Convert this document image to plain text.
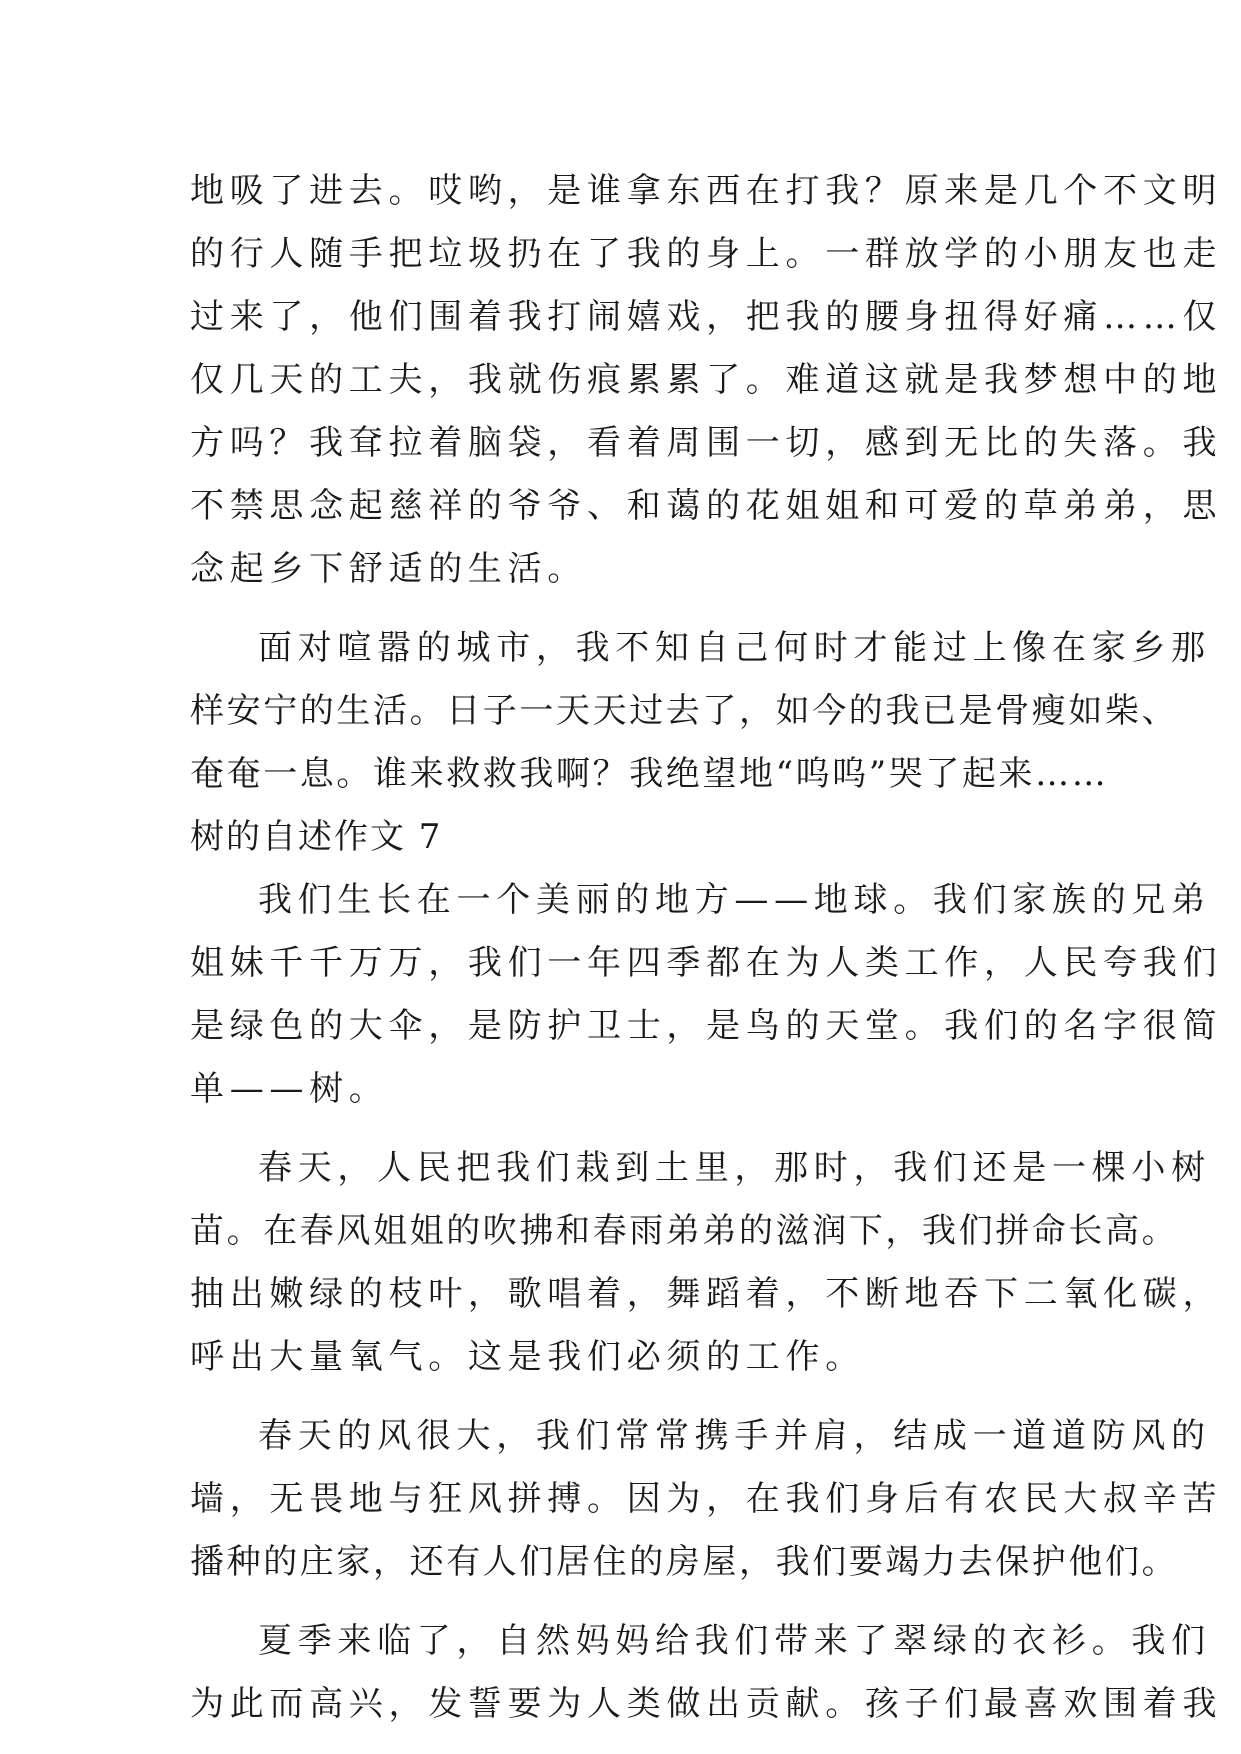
地吸了进去。哎哟，是谁拿东西在打我？原来是几个不文明
的行人随手把垃圾扔在了我的身上。一群放学的小朋友也走
过来了，他们围着我打闹嬉戏，把我的腰身扭得好痛……仅
仅几天的工夫，我就伤痕累累了。难道这就是我梦想中的地
方吗？我耷拉着脑袋，看着周围一切，感到无比的失落。我
不禁思念起慈祥的爷爷、和蔼的花姐姐和可爱的草弟弟，思
念起乡下舒适的生活。
面对喧嚣的城市，我不知自己何时才能过上像在家乡那
样安宁的生活。日子一天天过去了，如今的我已是骨瘦如柴、
奄奄一息。谁来救救我啊？我绝望地“呜呜”哭了起来……
树的自述作文 7
我们生长在一个美丽的地方——地球。我们家族的兄弟
姐妹千千万万，我们一年四季都在为人类工作，人民夸我们
是绿色的大伞，是防护卫士，是鸟的天堂。我们的名字很简
单——树。
春天，人民把我们栽到土里，那时，我们还是一棵小树
苗。在春风姐姐的吹拂和春雨弟弟的滋润下，我们拼命长高。
抽出嫩绿的枝叶，歌唱着，舞蹈着，不断地吞下二氧化碳，
呼出大量氧气。这是我们必须的工作。
春天的风很大，我们常常携手并肩，结成一道道防风的
墙，无畏地与狂风拼搏。因为，在我们身后有农民大叔辛苦
播种的庄家，还有人们居住的房屋，我们要竭力去保护他们。
夏季来临了，自然妈妈给我们带来了翠绿的衣衫。我们
为此而高兴，发誓要为人类做出贡献。孩子们最喜欢围着我
